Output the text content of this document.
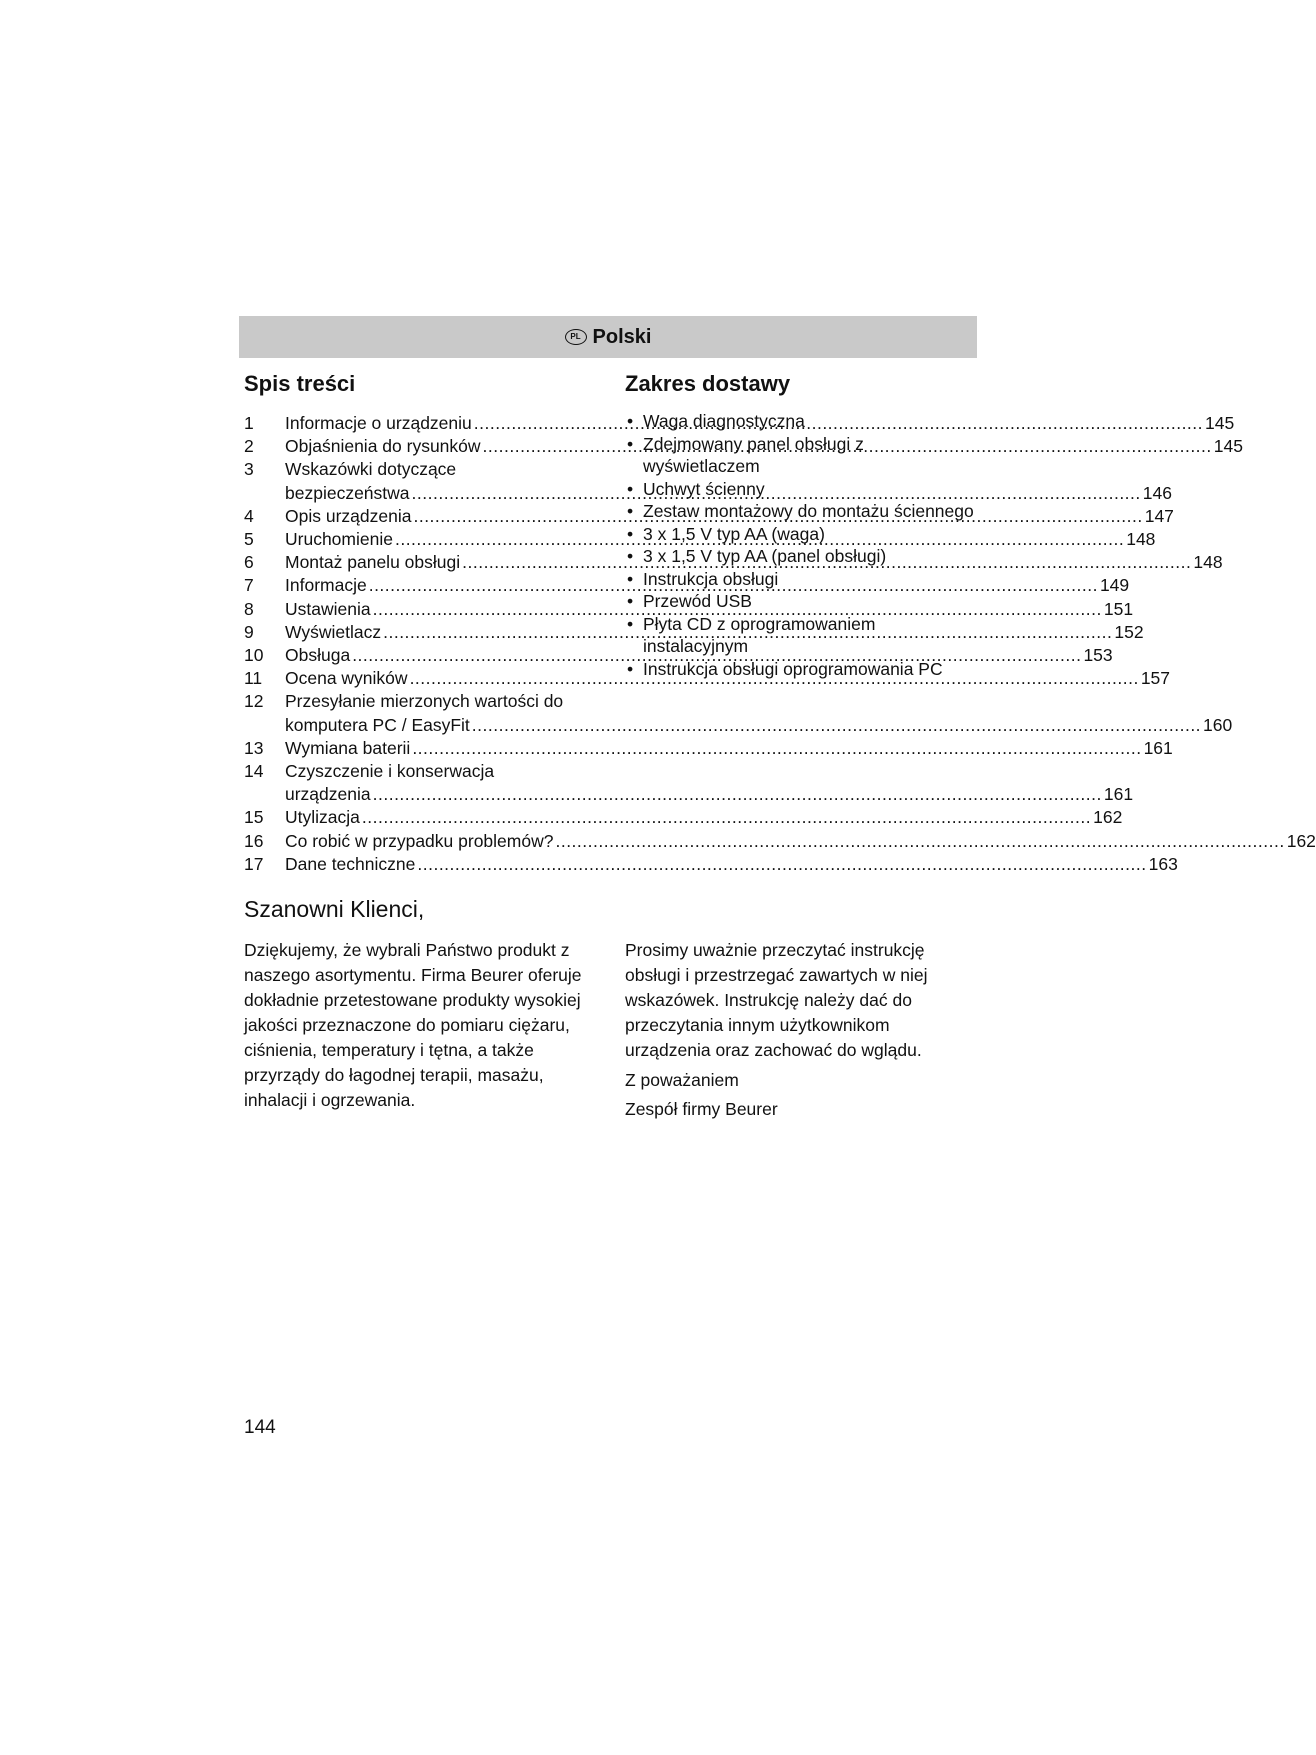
PL Polski
Spis treści	Zakres dostawy
1	Informacje o urządzeniu .....	145
2	Objaśnienia do rysunków .....	145
3	Wskazówki dotyczące
bezpieczeństwa .....	146
4	Opis urządzenia .....	147
5	Uruchomienie .....	148
6	Montaż panelu obsługi .....	148
7	Informacje .....	149
8	Ustawienia .....	151
9	Wyświetlacz .....	152
10	Obsługa .....	153
11	Ocena wyników .....	157
12	Przesyłanie mierzonych wartości do
komputera PC / EasyFit .....	160
13	Wymiana baterii .....	161
14	Czyszczenie i konserwacja
urządzenia .....	161
15	Utylizacja .....	162
16	Co robić w przypadku problemów? .....	162
17	Dane techniczne .....	163
• Waga diagnostyczna
• Zdejmowany panel obsługi z wyświetlaczem
• Uchwyt ścienny
• Zestaw montażowy do montażu ściennego
• 3 x 1,5 V typ AA (waga)
• 3 x 1,5 V typ AA (panel obsługi)
• Instrukcja obsługi
• Przewód USB
• Płyta CD z oprogramowaniem instalacyjnym
• Instrukcja obsługi oprogramowania PC
Szanowni Klienci,

Dziękujemy, że wybrali Państwo produkt z naszego asortymentu. Firma Beurer oferuje dokładnie przetestowane produkty wysokiej jakości przeznaczone do pomiaru ciężaru, ciśnienia, temperatury i tętna, a także przyrządy do łagodnej terapii, masażu, inhalacji i ogrzewania.

Prosimy uważnie przeczytać instrukcję obsługi i przestrzegać zawartych w niej wskazówek. Instrukcję należy dać do przeczytania innym użytkownikom urządzenia oraz zachować do wglądu.

Z poważaniem

Zespół firmy Beurer

144
